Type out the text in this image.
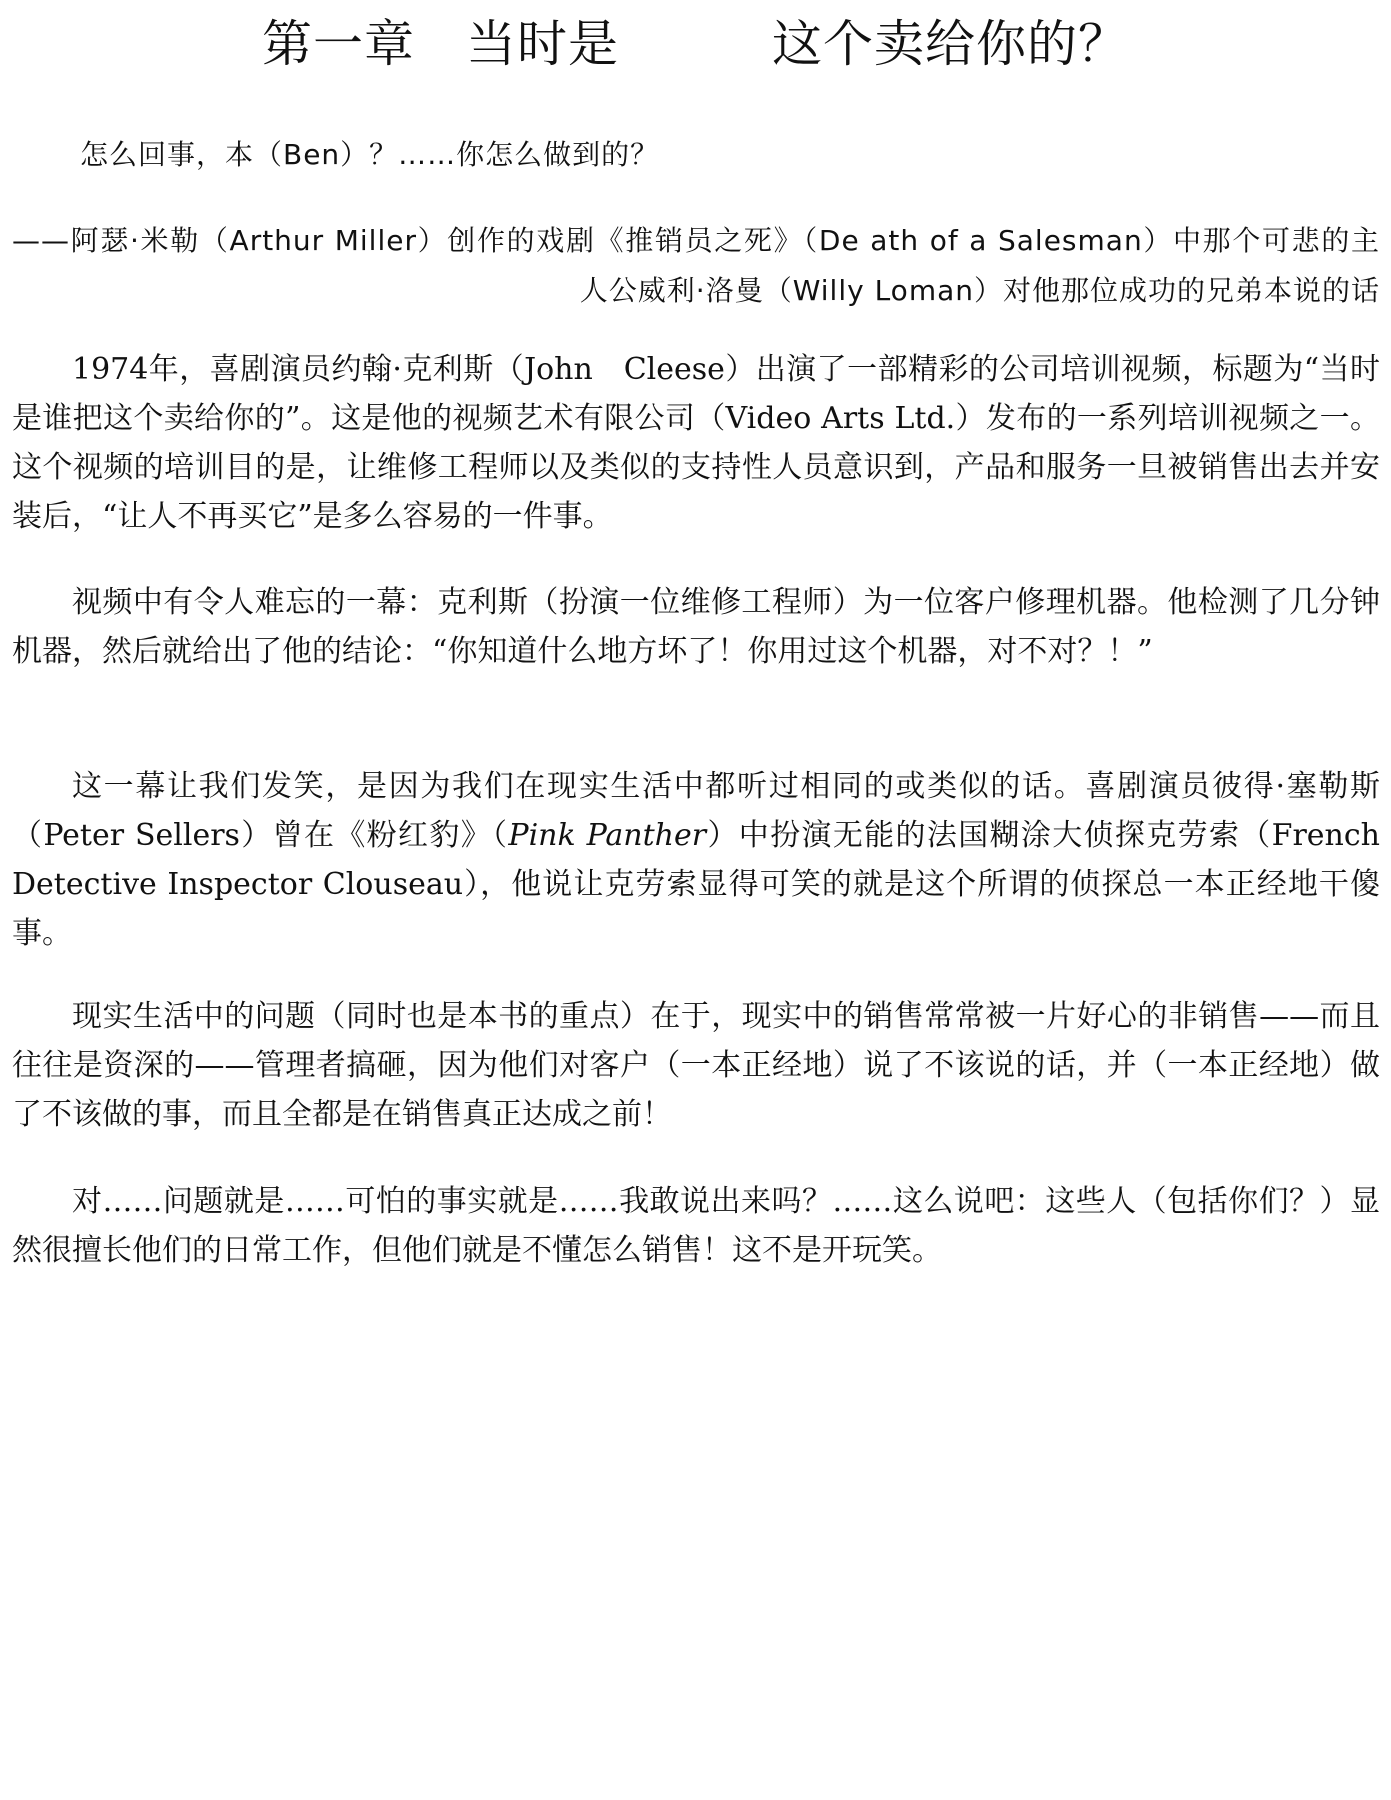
第一章　当时是　　　这个卖给你的？
怎么回事，本（Ben）？……你怎么做到的？
——阿瑟·米勒（Arthur Miller）创作的戏剧《推销员之死》（De ath of a Salesman）中那个可悲的主人公威利·洛曼（Willy Loman）对他那位成功的兄弟本说的话

1974年，喜剧演员约翰·克利斯（John　Cleese）出演了一部精彩的公司培训视频，标题为“当时是谁把这个卖给你的”。这是他的视频艺术有限公司（Video Arts Ltd.）发布的一系列培训视频之一。这个视频的培训目的是，让维修工程师以及类似的支持性人员意识到，产品和服务一旦被销售出去并安装后，“让人不再买它”是多么容易的一件事。

视频中有令人难忘的一幕：克利斯（扮演一位维修工程师）为一位客户修理机器。他检测了几分钟机器，然后就给出了他的结论：“你知道什么地方坏了！你用过这个机器，对不对？！”

这一幕让我们发笑，是因为我们在现实生活中都听过相同的或类似的话。喜剧演员彼得·塞勒斯（Peter Sellers）曾在《粉红豹》（Pink Panther）中扮演无能的法国糊涂大侦探克劳索（French Detective Inspector Clouseau），他说让克劳索显得可笑的就是这个所谓的侦探总一本正经地干傻事。

现实生活中的问题（同时也是本书的重点）在于，现实中的销售常常被一片好心的非销售——而且往往是资深的——管理者搞砸，因为他们对客户（一本正经地）说了不该说的话，并（一本正经地）做了不该做的事，而且全都是在销售真正达成之前！

对……问题就是……可怕的事实就是……我敢说出来吗？……这么说吧：这些人（包括你们？）显然很擅长他们的日常工作，但他们就是不懂怎么销售！这不是开玩笑。
